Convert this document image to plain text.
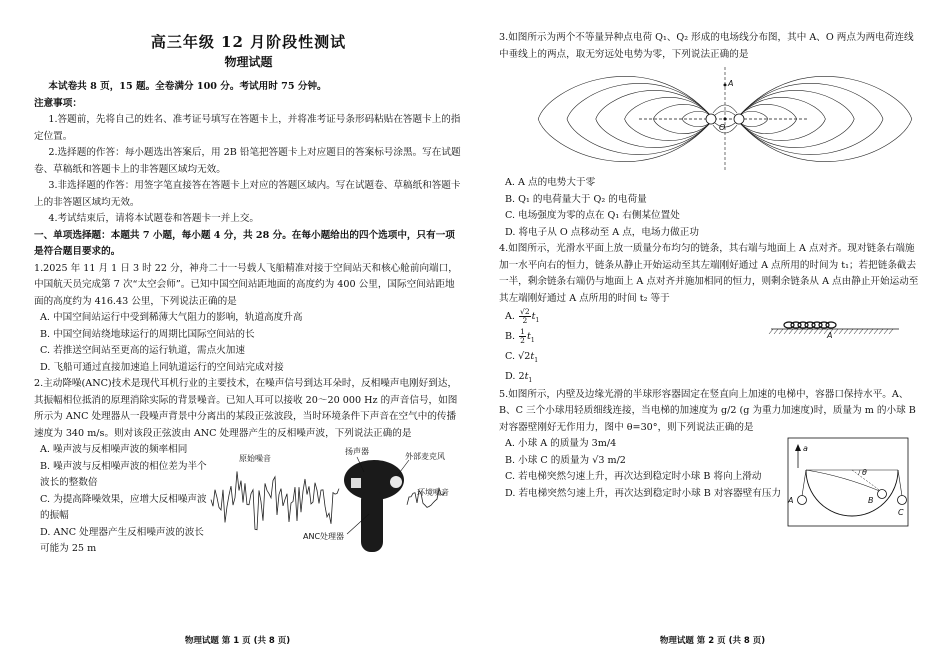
高三年级 12 月阶段性测试
物理试题

本试卷共 8 页，15 题。全卷满分 100 分。考试用时 75 分钟。

注意事项：

1.答题前，先将自己的姓名、准考证号填写在答题卡上，并将准考证号条形码粘贴在答题卡上的指定位置。

2.选择题的作答：每小题选出答案后，用 2B 铅笔把答题卡上对应题目的答案标号涂黑。写在试题卷、草稿纸和答题卡上的非答题区域均无效。

3.非选择题的作答：用签字笔直接答在答题卡上对应的答题区域内。写在试题卷、草稿纸和答题卡上的非答题区域均无效。

4.考试结束后，请将本试题卷和答题卡一并上交。

一、单项选择题：本题共 7 小题，每小题 4 分，共 28 分。在每小题给出的四个选项中，只有一项是符合题目要求的。

1.2025 年 11 月 1 日 3 时 22 分，神舟二十一号载人飞船精准对接于空间站天和核心舱前向端口，中国航天员完成第 7 次“太空会师”。已知中国空间站距地面的高度约为 400 公里，国际空间站距地面的高度约为 416.43 公里，下列说法正确的是

A. 中国空间站运行中受到稀薄大气阻力的影响，轨道高度升高

B. 中国空间站绕地球运行的周期比国际空间站的长

C. 若推送空间站至更高的运行轨道，需点火加速

D. 飞船可通过直接加速追上同轨道运行的空间站完成对接

2.主动降噪(ANC)技术是现代耳机行业的主要技术，在噪声信号到达耳朵时，反相噪声电刚好到达，其振幅相位抵消的原理消除实际的背景噪音。已知人耳可以接收 20～20 000 Hz 的声音信号，如图所示为 ANC 处理器从一段噪声背景中分离出的某段正弦波段，当时环境条件下声音在空气中的传播速度为 340 m/s。则对该段正弦波由 ANC 处理器产生的反相噪声波，下列说法正确的是

A. 噪声波与反相噪声波的频率相同

B. 噪声波与反相噪声波的相位差为半个波长的整数倍

C. 为提高降噪效果，应增大反相噪声波的振幅

D. ANC 处理器产生反相噪声波的波长可能为 25 m

原始噪音
扬声器
外部麦克风
环境噪音
ANC处理器
物理试题 第 1 页 (共 8 页)

3.如图所示为两个不等量异种点电荷 Q₁、Q₂ 形成的电场线分布图，其中 A、O 两点为两电荷连线中垂线上的两点，取无穷远处电势为零，下列说法正确的是

A
O

A. A 点的电势大于零

B. Q₁ 的电荷量大于 Q₂ 的电荷量

C. 电场强度为零的点在 Q₁ 右侧某位置处

D. 将电子从 O 点移动至 A 点，电场力做正功

4.如图所示，光滑水平面上放一质量分布均匀的链条，其右端与地面上 A 点对齐。现对链条右端施加一水平向右的恒力，链条从静止开始运动至其左端刚好通过 A 点所用的时间为 t₁；若把链条截去一半，剩余链条右端仍与地面上 A 点对齐并施加相同的恒力，则剩余链条从 A 点由静止开始运动至其左端刚好通过 A 点所用的时间 t₂ 等于

A. $\frac{√2}{2} t_1$

B. $\frac{1}{2} t_1$

C. $√2t_1$

D. $2t_1$

A

5.如图所示，内壁及边缘光滑的半球形容器固定在竖直向上加速的电梯中，容器口保持水平。A、B、C 三个小球用轻质细线连接，当电梯的加速度为 g/2 (g 为重力加速度)时，质量为 m 的小球 B 对容器壁刚好无作用力，图中 θ=30°，则下列说法正确的是

A. 小球 A 的质量为 3m/4

B. 小球 C 的质量为 √3 m/2

C. 若电梯突然匀速上升，再次达到稳定时小球 B 将向上滑动

D. 若电梯突然匀速上升，再次达到稳定时小球 B 对容器壁有压力

a
θ
A	B
C
物理试题 第 2 页 (共 8 页)
